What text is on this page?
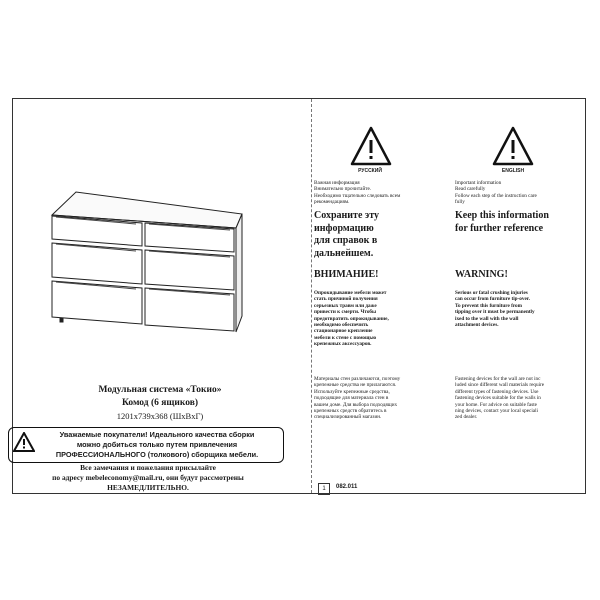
Модульная система «Токио»
Комод (6 ящиков)
1201x739x368 (ШxВxГ)
Уважаемые покупатели! Идеального качества сборки
можно добиться только путем привлечения
ПРОФЕССИОНАЛЬНОГО (толкового) сборщика мебели.
Все замечания и пожелания присылайте
по адресу mebeleconomy@mail.ru, они будут рассмотрены
НЕЗАМЕДЛИТЕЛЬНО.
РУССКИЙ
Важная информация
Внимательно прочитайте.
Необходимо тщательно следовать всем
рекомендациям.
Сохраните эту
информацию
для справок в
дальнейшем.
ВНИМАНИЕ!
Опрокидывание мебели может
стать причиной получения
серьезных травм или даже
привести к смерти. Чтобы
предотвратить опрокидывание,
необходимо обеспечить
стационарное крепление
мебели к стене с помощью
крепежных аксессуаров.
Материалы стен различаются, поэтому
крепежные средства не прилагаются.
Используйте крепежные средства,
подходящие для материала стен в
вашем доме. Для выбора подходящих
крепежных средств обратитесь в
специализированный магазин.
ENGLISH
Important information
Read carefully
Follow each step of the instruction care
fully
Keep this information
for further reference
WARNING!
Serious or fatal crushing injuries
can occur from furniture tip-over.
To prevent this furniture from
tipping over it must be permanently
ixed to the wall with the wall
attachment devices.
Fastening devices for the wall are not inc
luded since different wall materials require
different types of fastening devices. Use
fastening devices suitable for the walls in
your home. For advice on suitable faste
ning devices, contact your local speciali
zed dealer.
1	082.011
